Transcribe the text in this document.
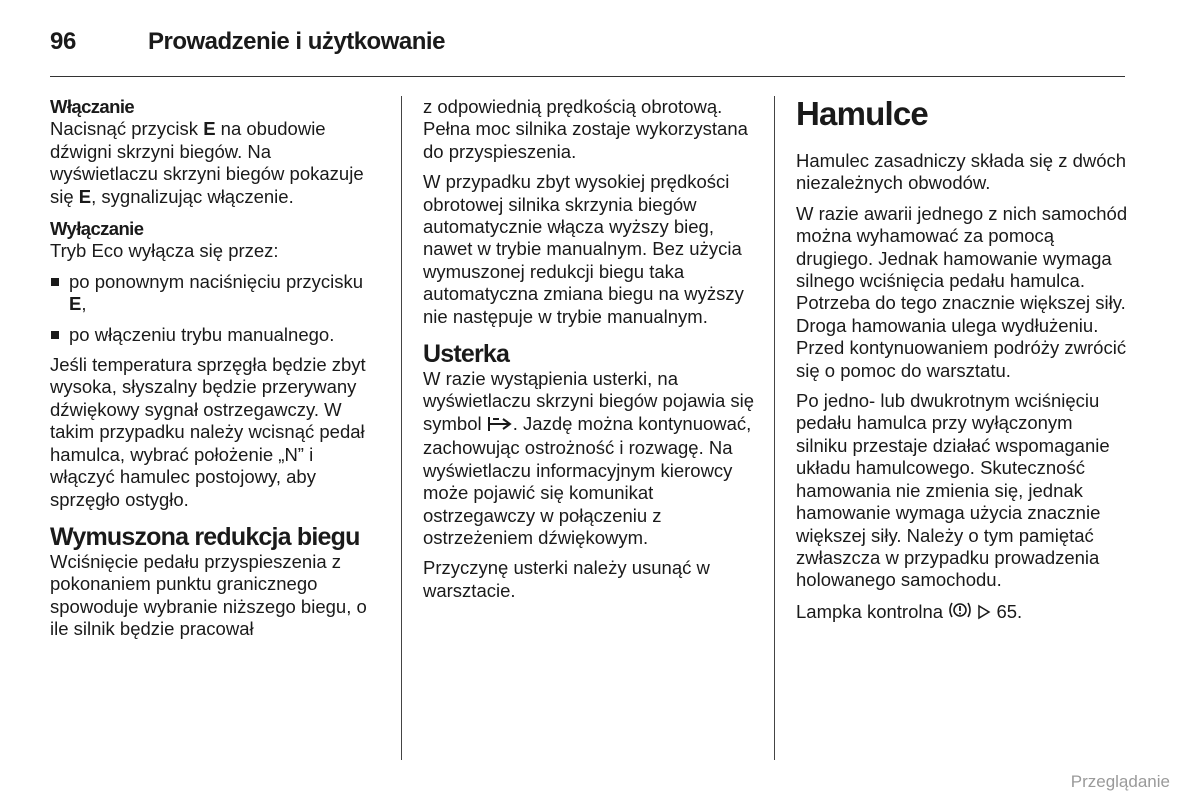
96	Prowadzenie i użytkowanie
Włączanie

Nacisnąć przycisk E na obudowie dźwigni skrzyni biegów. Na wyświetlaczu skrzyni biegów pokazuje się E, sygnalizując włączenie.

Wyłączanie

Tryb Eco wyłącza się przez:

po ponownym naciśnięciu przycisku E,
po włączeniu trybu manualnego.

Jeśli temperatura sprzęgła będzie zbyt wysoka, słyszalny będzie przerywany dźwiękowy sygnał ostrzegawczy. W takim przypadku należy wcisnąć pedał hamulca, wybrać położenie „N” i włączyć hamulec postojowy, aby sprzęgło ostygło.

Wymuszona redukcja biegu

Wciśnięcie pedału przyspieszenia z pokonaniem punktu granicznego spowoduje wybranie niższego biegu, o ile silnik będzie pracował

z odpowiednią prędkością obrotową. Pełna moc silnika zostaje wykorzystana do przyspieszenia.

W przypadku zbyt wysokiej prędkości obrotowej silnika skrzynia biegów automatycznie włącza wyższy bieg, nawet w trybie manualnym. Bez użycia wymuszonej redukcji biegu taka automatyczna zmiana biegu na wyższy nie następuje w trybie manualnym.

Usterka

W razie wystąpienia usterki, na wyświetlaczu skrzyni biegów pojawia się symbol . Jazdę można kontynuować, zachowując ostrożność i rozwagę. Na wyświetlaczu informacyjnym kierowcy może pojawić się komunikat ostrzegawczy w połączeniu z ostrzeżeniem dźwiękowym.

Przyczynę usterki należy usunąć w warsztacie.

Hamulce

Hamulec zasadniczy składa się z dwóch niezależnych obwodów.

W razie awarii jednego z nich samochód można wyhamować za pomocą drugiego. Jednak hamowanie wymaga silnego wciśnięcia pedału hamulca. Potrzeba do tego znacznie większej siły. Droga hamowania ulega wydłużeniu. Przed kontynuowaniem podróży zwrócić się o pomoc do warsztatu.

Po jedno- lub dwukrotnym wciśnięciu pedału hamulca przy wyłączonym silniku przestaje działać wspomaganie układu hamulcowego. Skuteczność hamowania nie zmienia się, jednak hamowanie wymaga użycia znacznie większej siły. Należy o tym pamiętać zwłaszcza w przypadku prowadzenia holowanego samochodu.

Lampka kontrolna	65.

Przeglądanie
